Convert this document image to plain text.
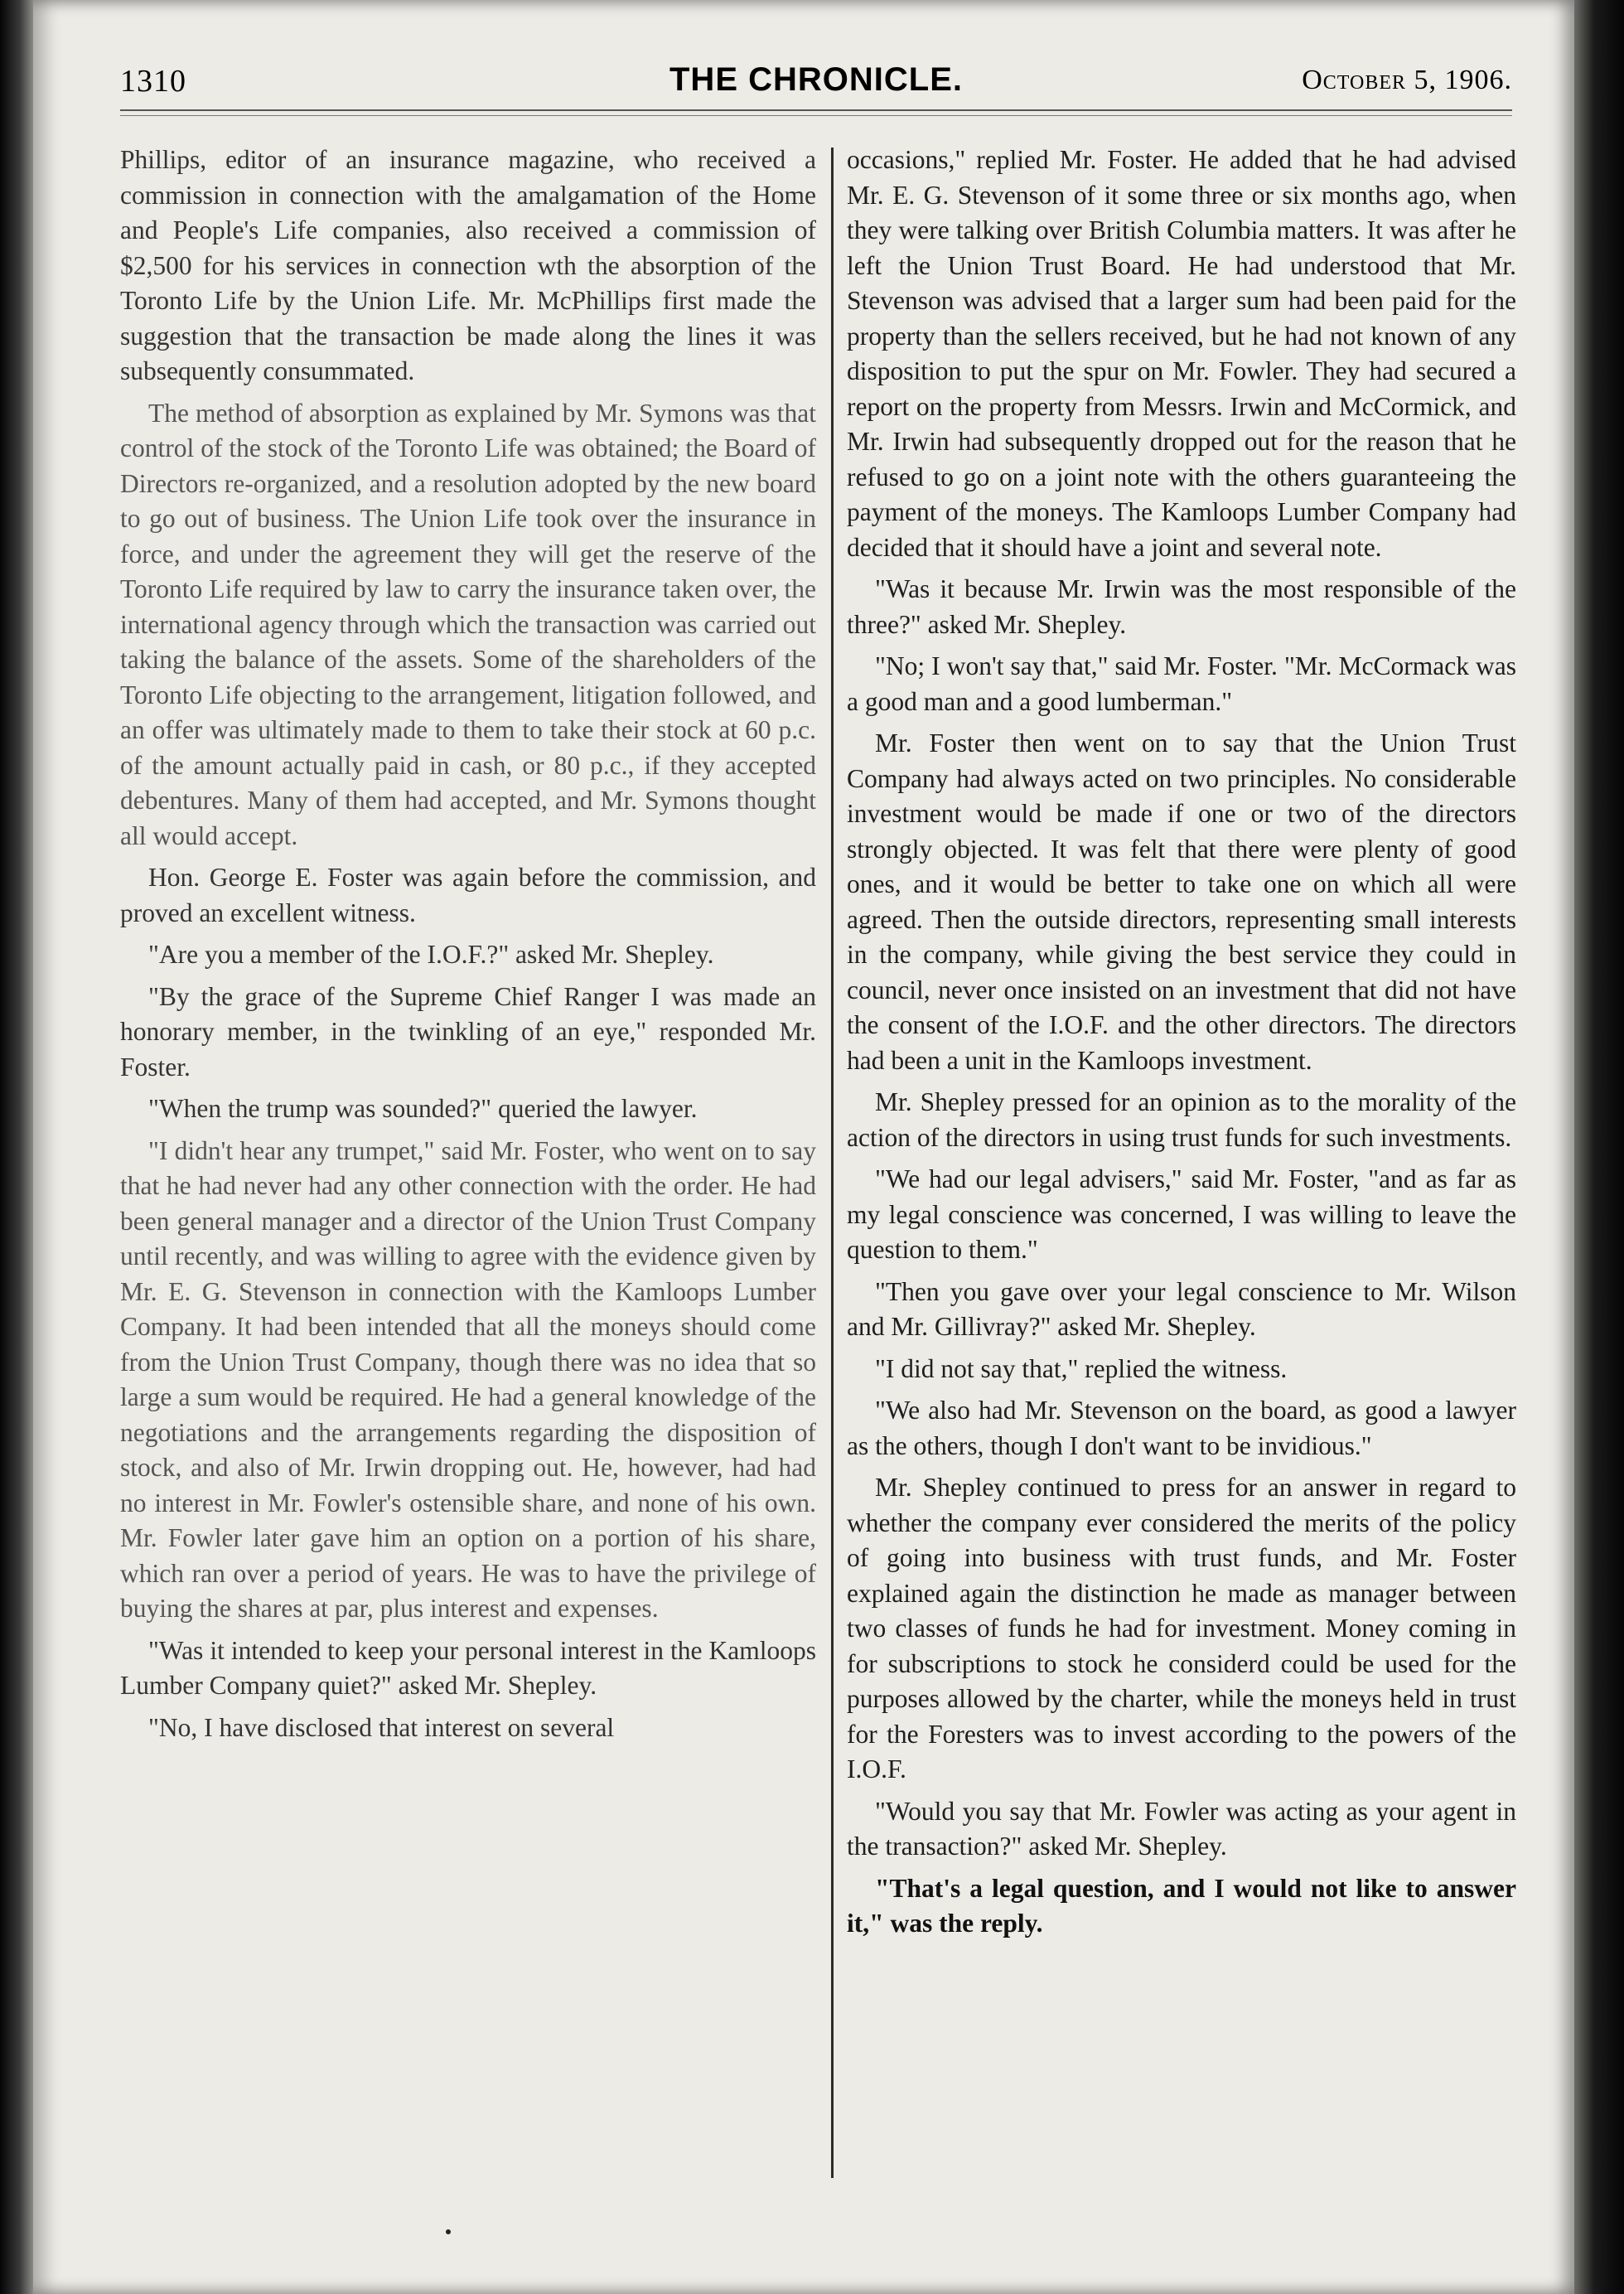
1310	THE CHRONICLE.	October 5, 1906.

Phillips, editor of an insurance magazine, who received a commission in connection with the amalgamation of the Home and People's Life companies, also received a commission of $2,500 for his services in connection wth the absorption of the Toronto Life by the Union Life. Mr. McPhillips first made the suggestion that the transaction be made along the lines it was subsequently consummated.

The method of absorption as explained by Mr. Symons was that control of the stock of the Toronto Life was obtained; the Board of Directors re-organized, and a resolution adopted by the new board to go out of business. The Union Life took over the insurance in force, and under the agreement they will get the reserve of the Toronto Life required by law to carry the insurance taken over, the international agency through which the transaction was carried out taking the balance of the assets. Some of the shareholders of the Toronto Life objecting to the arrangement, litigation followed, and an offer was ultimately made to them to take their stock at 60 p.c. of the amount actually paid in cash, or 80 p.c., if they accepted debentures. Many of them had accepted, and Mr. Symons thought all would accept.

Hon. George E. Foster was again before the commission, and proved an excellent witness.

"Are you a member of the I.O.F.?" asked Mr. Shepley.

"By the grace of the Supreme Chief Ranger I was made an honorary member, in the twinkling of an eye," responded Mr. Foster.

"When the trump was sounded?" queried the lawyer.

"I didn't hear any trumpet," said Mr. Foster, who went on to say that he had never had any other connection with the order. He had been general manager and a director of the Union Trust Company until recently, and was willing to agree with the evidence given by Mr. E. G. Stevenson in connection with the Kamloops Lumber Company. It had been intended that all the moneys should come from the Union Trust Company, though there was no idea that so large a sum would be required. He had a general knowledge of the negotiations and the arrangements regarding the disposition of stock, and also of Mr. Irwin dropping out. He, however, had had no interest in Mr. Fowler's ostensible share, and none of his own. Mr. Fowler later gave him an option on a portion of his share, which ran over a period of years. He was to have the privilege of buying the shares at par, plus interest and expenses.

"Was it intended to keep your personal interest in the Kamloops Lumber Company quiet?" asked Mr. Shepley.

"No, I have disclosed that interest on several

occasions," replied Mr. Foster. He added that he had advised Mr. E. G. Stevenson of it some three or six months ago, when they were talking over British Columbia matters. It was after he left the Union Trust Board. He had understood that Mr. Stevenson was advised that a larger sum had been paid for the property than the sellers received, but he had not known of any disposition to put the spur on Mr. Fowler. They had secured a report on the property from Messrs. Irwin and McCormick, and Mr. Irwin had subsequently dropped out for the reason that he refused to go on a joint note with the others guaranteeing the payment of the moneys. The Kamloops Lumber Company had decided that it should have a joint and several note.

"Was it because Mr. Irwin was the most responsible of the three?" asked Mr. Shepley.

"No; I won't say that," said Mr. Foster. "Mr. McCormack was a good man and a good lumberman."

Mr. Foster then went on to say that the Union Trust Company had always acted on two principles. No considerable investment would be made if one or two of the directors strongly objected. It was felt that there were plenty of good ones, and it would be better to take one on which all were agreed. Then the outside directors, representing small interests in the company, while giving the best service they could in council, never once insisted on an investment that did not have the consent of the I.O.F. and the other directors. The directors had been a unit in the Kamloops investment.

Mr. Shepley pressed for an opinion as to the morality of the action of the directors in using trust funds for such investments.

"We had our legal advisers," said Mr. Foster, "and as far as my legal conscience was concerned, I was willing to leave the question to them."

"Then you gave over your legal conscience to Mr. Wilson and Mr. Gillivray?" asked Mr. Shepley.

"I did not say that," replied the witness.

"We also had Mr. Stevenson on the board, as good a lawyer as the others, though I don't want to be invidious."

Mr. Shepley continued to press for an answer in regard to whether the company ever considered the merits of the policy of going into business with trust funds, and Mr. Foster explained again the distinction he made as manager between two classes of funds he had for investment. Money coming in for subscriptions to stock he considerd could be used for the purposes allowed by the charter, while the moneys held in trust for the Foresters was to invest according to the powers of the I.O.F.

"Would you say that Mr. Fowler was acting as your agent in the transaction?" asked Mr. Shepley.

"That's a legal question, and I would not like to answer it," was the reply.
